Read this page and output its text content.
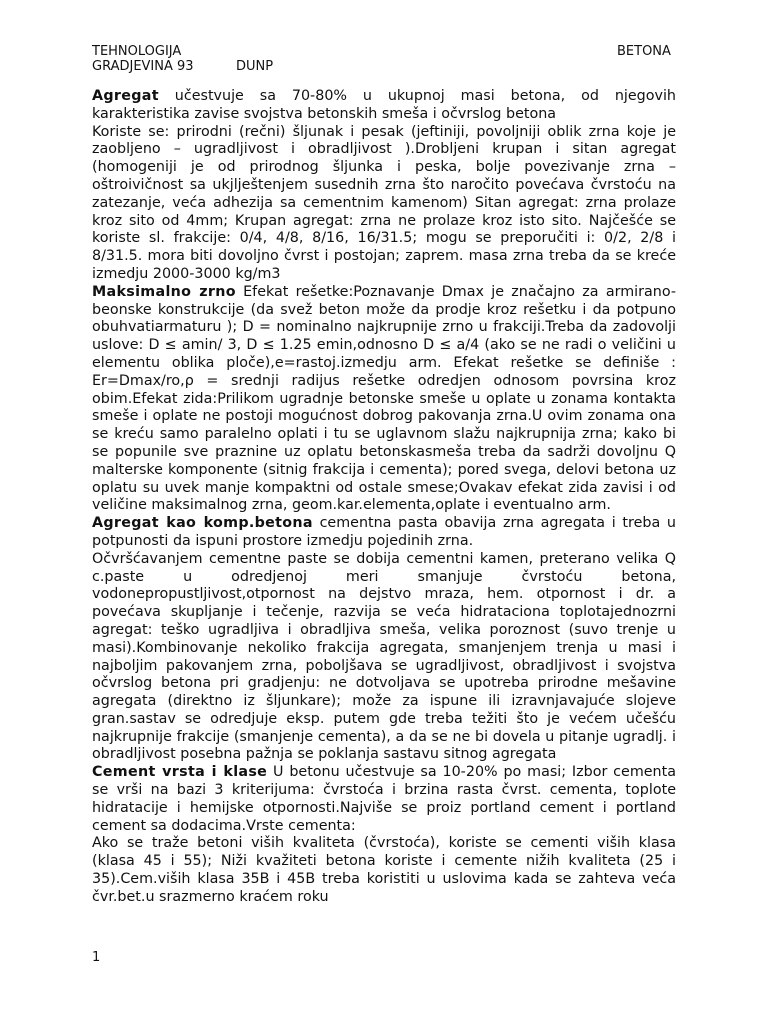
TEHNOLOGIJA	BETONA
GRADJEVINA 93	DUNP

Agregat učestvuje sa 70-80% u ukupnoj masi betona, od njegovih karakteristika zavise svojstva betonskih smeša i očvrslog betona

Koriste se: prirodni (rečni) šljunak i pesak (jeftiniji, povoljniji oblik zrna koje je zaobljeno – ugradljivost i obradljivost ).Drobljeni krupan i sitan agregat (homogeniji je od prirodnog šljunka i peska, bolje povezivanje zrna – oštroivičnost sa ukjlještenjem susednih zrna što naročito povećava čvrstoću na zatezanje, veća adhezija sa cementnim kamenom) Sitan agregat: zrna prolaze kroz sito od 4mm; Krupan agregat: zrna ne prolaze kroz isto sito. Najčešće se koriste sl. frakcije: 0/4, 4/8, 8/16, 16/31.5; mogu se preporučiti i: 0/2, 2/8 i 8/31.5. mora biti dovoljno čvrst i postojan; zaprem. masa zrna treba da se kreće izmedju 2000-3000 kg/m3

Maksimalno zrno Efekat rešetke:Poznavanje Dmax je značajno za armirano-beonske konstrukcije (da svež beton može da prodje kroz rešetku i da potpuno obuhvatiarmaturu ); D = nominalno najkrupnije zrno u frakciji.Treba da zadovolji uslove: D ≤ amin/ 3, D ≤ 1.25 emin,odnosno D ≤ a/4 (ako se ne radi o veličini u elementu oblika ploče),e=rastoj.izmedju arm. Efekat rešetke se definiše : Er=Dmax/ro,ρ = srednji radijus rešetke odredjen odnosom povrsina kroz obim.Efekat zida:Prilikom ugradnje betonske smeše u oplate u zonama kontakta smeše i oplate ne postoji mogućnost dobrog pakovanja zrna.U ovim zonama ona se kreću samo paralelno oplati i tu se uglavnom slažu najkrupnija zrna; kako bi se popunile sve praznine uz oplatu betonskasmeša treba da sadrži dovoljnu Q malterske komponente (sitnig frakcija i cementa); pored svega, delovi betona uz oplatu su uvek manje kompaktni od ostale smese;Ovakav efekat zida zavisi i od veličine maksimalnog zrna, geom.kar.elementa,oplate i eventualno arm.

Agregat kao komp.betona cementna pasta obavija zrna agregata i treba u potpunosti da ispuni prostore izmedju pojedinih zrna.

Očvršćavanjem cementne paste se dobija cementni kamen, preterano velika Q c.paste u odredjenoj meri smanjuje čvrstoću betona, vodonepropustljivost,otpornost na dejstvo mraza, hem. otpornost i dr. a povećava skupljanje i tečenje, razvija se veća hidrataciona toplotajednozrni agregat: teško ugradljiva i obradljiva smeša, velika poroznost (suvo trenje u masi).Kombinovanje nekoliko frakcija agregata, smanjenjem trenja u masi i najboljim pakovanjem zrna, poboljšava se ugradljivost, obradljivost i svojstva očvrslog betona pri gradjenju: ne dotvoljava se upotreba prirodne mešavine agregata (direktno iz šljunkare); može za ispune ili izravnjavajuće slojeve gran.sastav se odredjuje eksp. putem gde treba težiti što je većem učešću najkrupnije frakcije (smanjenje cementa), a da se ne bi dovela u pitanje ugradlj. i obradljivost posebna pažnja se poklanja sastavu sitnog agregata

Cement vrsta i klase U betonu učestvuje sa 10-20% po masi; Izbor cementa se vrši na bazi 3 kriterijuma: čvrstoća i brzina rasta čvrst. cementa, toplote hidratacije i hemijske otpornosti.Najviše se proiz portland cement i portland cement sa dodacima.Vrste cementa:

Ako se traže betoni viših kvaliteta (čvrstoća), koriste se cementi viših klasa (klasa 45 i 55); Niži kvažiteti betona koriste i cemente nižih kvaliteta (25 i 35).Cem.viših klasa 35B i 45B treba koristiti u uslovima kada se zahteva veća čvr.bet.u srazmerno kraćem roku

1
